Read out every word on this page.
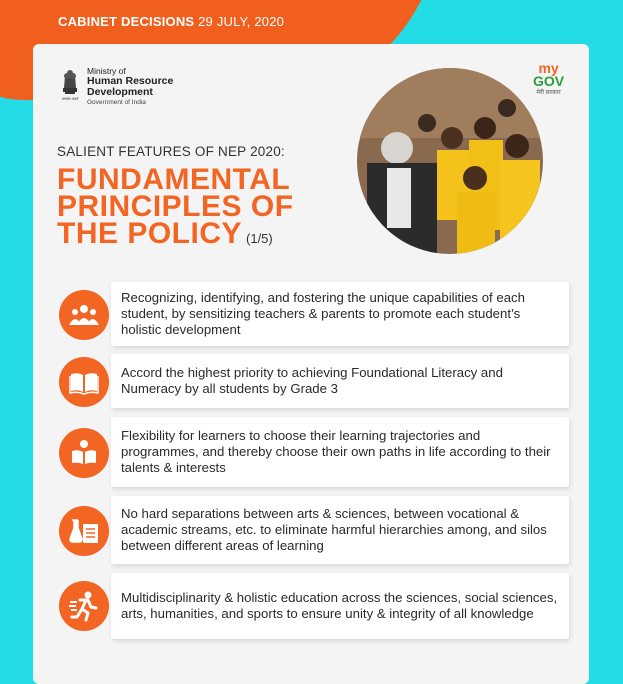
CABINET DECISIONS 29 JULY, 2020
सत्यमेव जयते
Ministry of
Human Resource
Development
Government of India
my
GOV
मेरी सरकार
SALIENT FEATURES OF NEP 2020:
FUNDAMENTAL
PRINCIPLES OF
THE POLICY (1/5)
Recognizing, identifying, and fostering the unique capabilities of each student, by sensitizing teachers & parents to promote each student’s holistic development
Accord the highest priority to achieving Foundational Literacy and Numeracy by all students by Grade 3
Flexibility for learners to choose their learning trajectories and programmes, and thereby choose their own paths in life according to their talents & interests
No hard separations between arts & sciences, between vocational & academic streams, etc. to eliminate harmful hierarchies among, and silos between different areas of learning
Multidisciplinarity & holistic education across the sciences, social sciences, arts, humanities, and sports to ensure unity & integrity of all knowledge
